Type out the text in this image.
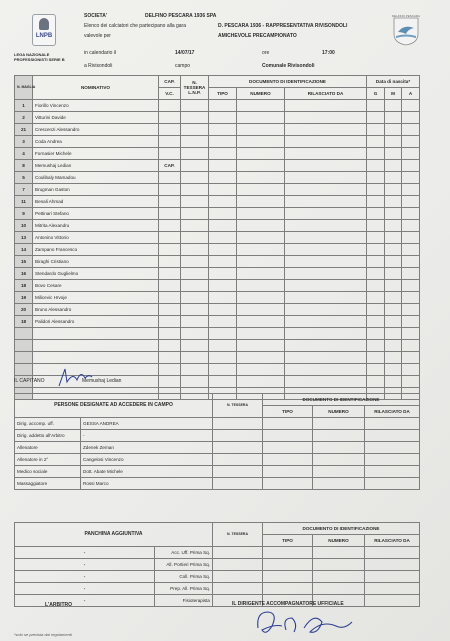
LNPB
DELFINO PESCARA
SOCIETA'	DELFINO PESCARA 1936 SPA
Elenco dei calciatori che partecipano alla gara	D. PESCARA 1936 - RAPPRESENTATIVA RIVISONDOLI
valevole per	AMICHEVOLE PRECAMPIONATO
LEGA NAZIONALE PROFESSIONISTI SERIE B
in calendario il	14/07/17	ore	17:00
a Rivisondoli	campo	Comunale Rivisondoli
N. MAGLIA	NOMINATIVO	CAP.	N. TESSERA L.N.P.	DOCUMENTO DI IDENTIFICAZIONE			Data di nascita*		
		V.C.		TIPO	NUMERO	RILASCIATO DA	G	M	A
1	Fiorillo Vincenzo								
2	Vitturini Davide								
21	Crescenzi Alessandro								
3	Coda Andrea								
4	Fornasier Michele								
8	Memushaj Ledian	CAP.							
5	Coulibaly Mamadou								
7	Brugman Gaston								
11	Benali Ahmad								
9	Pettinari Stefano								
10	Mitrita Alexandru								
13	Antonino Vittorio								
14	Zampano Francesco								
15	Biraghi Cristiano								
16	Stendardo Guglielmo								
18	Bovo Cesare								
19	Milicevic Hrvoje								
20	Bruno Alessandro								
18	Palidori Alessandro								

IL CAPITANO	Memushaj Ledian
PERSONE DESIGNATE AD ACCEDERE IN CAMPO		N. TESSERA	DOCUMENTO DI IDENTIFICAZIONE		
			TIPO	NUMERO	RILASCIATO DA
Dirig. accomp. uff.	GESSA ANDREA				
Dirig. addetto all'Arbitro	-				
Allenatore	Zdenek Zeman				
Allenatore in 2°	Cangelosi Vincenzo				
Medico sociale	Dott. Abate Michele				
Massaggiatore	Rossi Marco				
PANCHINA AGGIUNTIVA		N. TESSERA	DOCUMENTO DI IDENTIFICAZIONE		
			TIPO	NUMERO	RILASCIATO DA
-	Acc. Uff. Prima Sq.				
-	All. Portieri Prima Sq.				
-	Coll. Prima Sq.				
-	Prep. All. Prima Sq.				
-	Fisioterapista				
L'ARBITRO	IL DIRIGENTE ACCOMPAGNATORE UFFICIALE
*solo se prevista dai regolamenti
